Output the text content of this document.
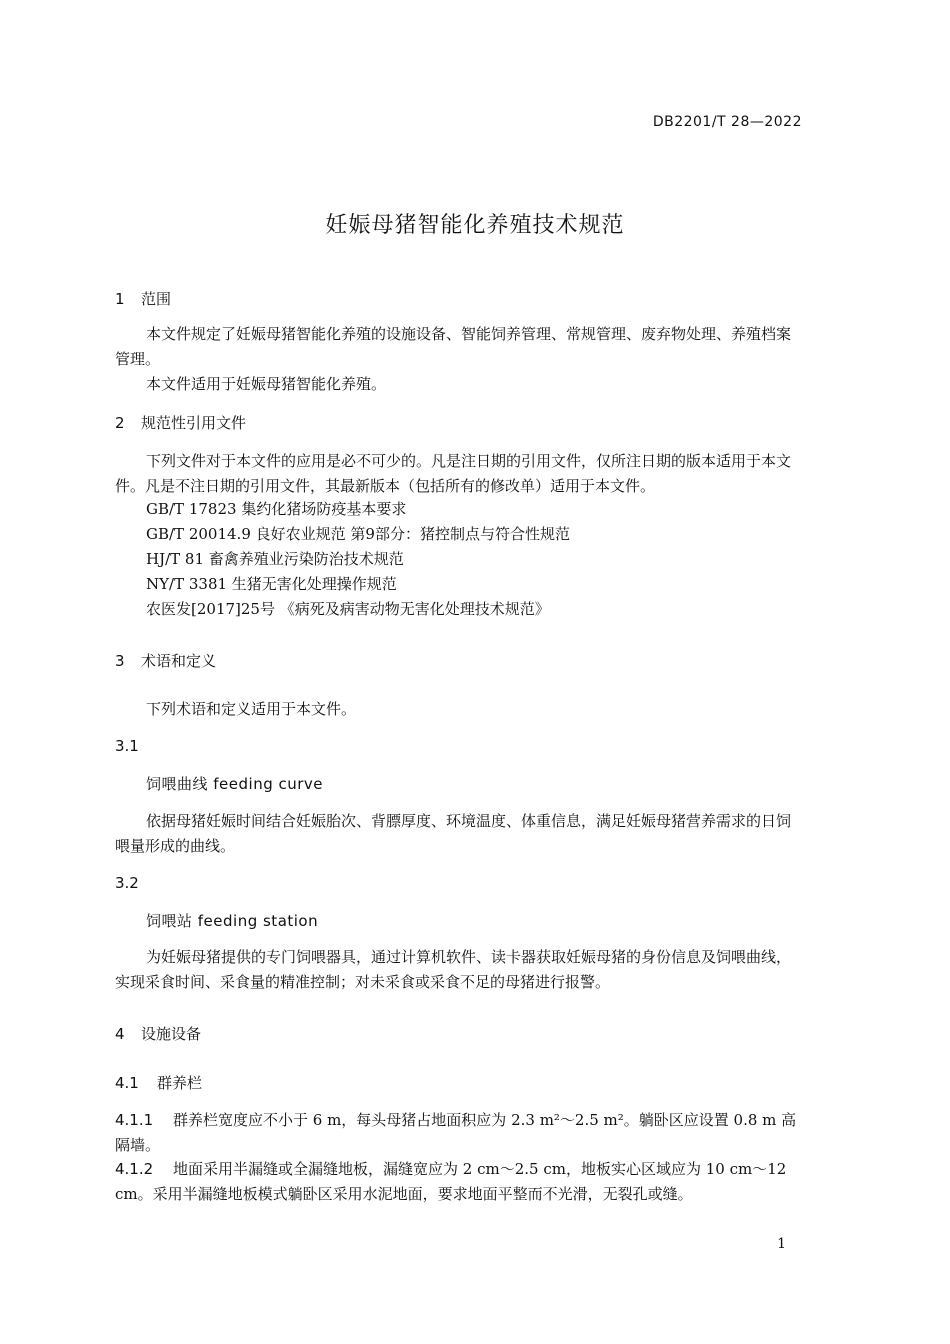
DB2201/T 28—2022
妊娠母猪智能化养殖技术规范
1 范围
本文件规定了妊娠母猪智能化养殖的设施设备、智能饲养管理、常规管理、废弃物处理、养殖档案管理。
本文件适用于妊娠母猪智能化养殖。
2 规范性引用文件
下列文件对于本文件的应用是必不可少的。凡是注日期的引用文件，仅所注日期的版本适用于本文件。凡是不注日期的引用文件，其最新版本（包括所有的修改单）适用于本文件。
GB/T 17823 集约化猪场防疫基本要求
GB/T 20014.9 良好农业规范 第9部分：猪控制点与符合性规范
HJ/T 81 畜禽养殖业污染防治技术规范
NY/T 3381 生猪无害化处理操作规范
农医发[2017]25号 《病死及病害动物无害化处理技术规范》
3 术语和定义
下列术语和定义适用于本文件。
3.1
饲喂曲线 feeding curve
依据母猪妊娠时间结合妊娠胎次、背膘厚度、环境温度、体重信息，满足妊娠母猪营养需求的日饲喂量形成的曲线。
3.2
饲喂站 feeding station
为妊娠母猪提供的专门饲喂器具，通过计算机软件、读卡器获取妊娠母猪的身份信息及饲喂曲线，实现采食时间、采食量的精准控制；对未采食或采食不足的母猪进行报警。
4 设施设备
4.1 群养栏
4.1.1 群养栏宽度应不小于 6 m，每头母猪占地面积应为 2.3 m²～2.5 m²。躺卧区应设置 0.8 m 高隔墙。
4.1.2 地面采用半漏缝或全漏缝地板，漏缝宽应为 2 cm～2.5 cm，地板实心区域应为 10 cm～12 cm。采用半漏缝地板模式躺卧区采用水泥地面，要求地面平整而不光滑，无裂孔或缝。
1
